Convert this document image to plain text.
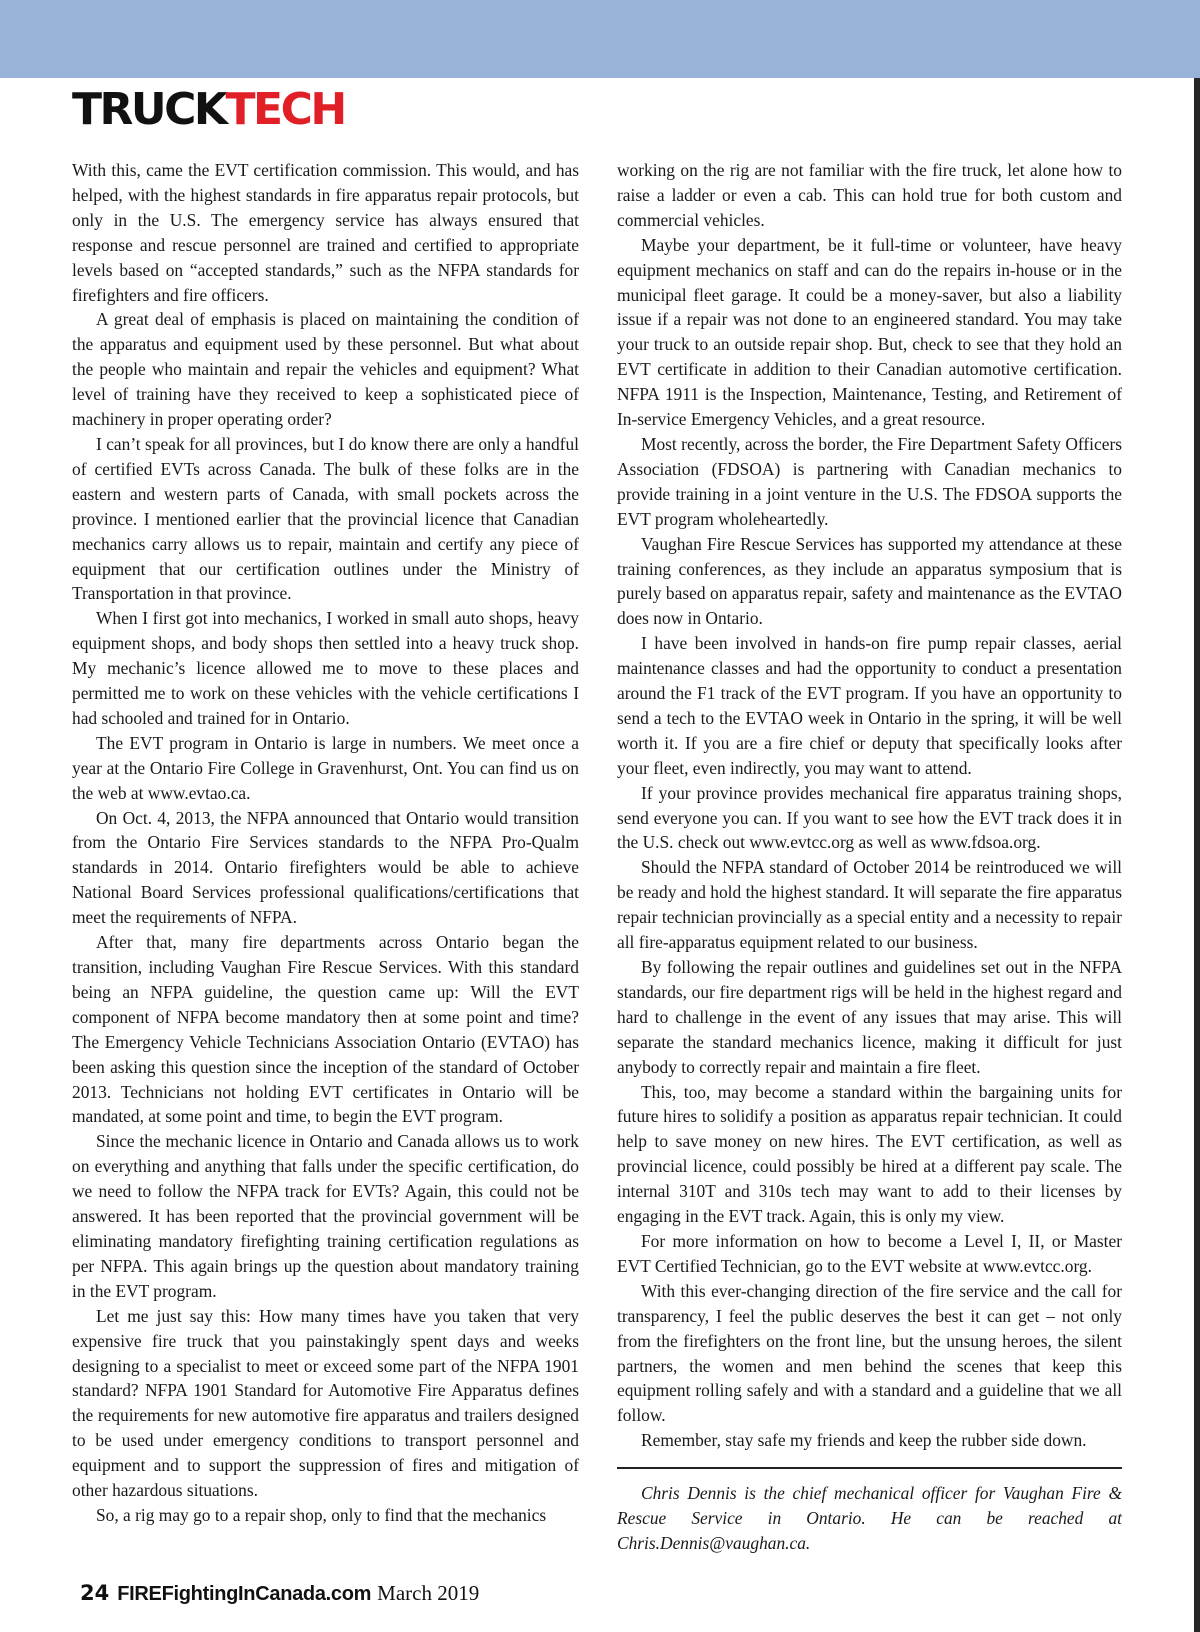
TRUCKTECH

With this, came the EVT certification commission. This would, and has helped, with the highest standards in fire apparatus repair protocols, but only in the U.S. The emergency service has always ensured that response and rescue personnel are trained and certified to appropriate levels based on “accepted standards,” such as the NFPA standards for firefighters and fire officers.

A great deal of emphasis is placed on maintaining the condition of the apparatus and equipment used by these personnel. But what about the people who maintain and repair the vehicles and equipment? What level of training have they received to keep a sophisticated piece of machinery in proper operating order?

I can’t speak for all provinces, but I do know there are only a handful of certified EVTs across Canada. The bulk of these folks are in the eastern and western parts of Canada, with small pockets across the province. I mentioned earlier that the provincial licence that Canadian mechanics carry allows us to repair, maintain and certify any piece of equipment that our certification outlines under the Ministry of Transportation in that province.

When I first got into mechanics, I worked in small auto shops, heavy equipment shops, and body shops then settled into a heavy truck shop. My mechanic’s licence allowed me to move to these places and permitted me to work on these vehicles with the vehicle certifications I had schooled and trained for in Ontario.

The EVT program in Ontario is large in numbers. We meet once a year at the Ontario Fire College in Gravenhurst, Ont. You can find us on the web at www.evtao.ca.

On Oct. 4, 2013, the NFPA announced that Ontario would transition from the Ontario Fire Services standards to the NFPA Pro-Qualm standards in 2014. Ontario firefighters would be able to achieve National Board Services professional qualifications/certifications that meet the requirements of NFPA.

After that, many fire departments across Ontario began the transition, including Vaughan Fire Rescue Services. With this standard being an NFPA guideline, the question came up: Will the EVT component of NFPA become mandatory then at some point and time? The Emergency Vehicle Technicians Association Ontario (EVTAO) has been asking this question since the inception of the standard of October 2013. Technicians not holding EVT certificates in Ontario will be mandated, at some point and time, to begin the EVT program.

Since the mechanic licence in Ontario and Canada allows us to work on everything and anything that falls under the specific certification, do we need to follow the NFPA track for EVTs? Again, this could not be answered. It has been reported that the provincial government will be eliminating mandatory firefighting training certification regulations as per NFPA. This again brings up the question about mandatory training in the EVT program.

Let me just say this: How many times have you taken that very expensive fire truck that you painstakingly spent days and weeks designing to a specialist to meet or exceed some part of the NFPA 1901 standard? NFPA 1901 Standard for Automotive Fire Apparatus defines the requirements for new automotive fire apparatus and trailers designed to be used under emergency conditions to transport personnel and equipment and to support the suppression of fires and mitigation of other hazardous situations.

So, a rig may go to a repair shop, only to find that the mechanics

working on the rig are not familiar with the fire truck, let alone how to raise a ladder or even a cab. This can hold true for both custom and commercial vehicles.

Maybe your department, be it full-time or volunteer, have heavy equipment mechanics on staff and can do the repairs in-house or in the municipal fleet garage. It could be a money-saver, but also a liability issue if a repair was not done to an engineered standard. You may take your truck to an outside repair shop. But, check to see that they hold an EVT certificate in addition to their Canadian automotive certification. NFPA 1911 is the Inspection, Maintenance, Testing, and Retirement of In-service Emergency Vehicles, and a great resource.

Most recently, across the border, the Fire Department Safety Officers Association (FDSOA) is partnering with Canadian mechanics to provide training in a joint venture in the U.S. The FDSOA supports the EVT program wholeheartedly.

Vaughan Fire Rescue Services has supported my attendance at these training conferences, as they include an apparatus symposium that is purely based on apparatus repair, safety and maintenance as the EVTAO does now in Ontario.

I have been involved in hands-on fire pump repair classes, aerial maintenance classes and had the opportunity to conduct a presentation around the F1 track of the EVT program. If you have an opportunity to send a tech to the EVTAO week in Ontario in the spring, it will be well worth it. If you are a fire chief or deputy that specifically looks after your fleet, even indirectly, you may want to attend.

If your province provides mechanical fire apparatus training shops, send everyone you can. If you want to see how the EVT track does it in the U.S. check out www.evtcc.org as well as www.fdsoa.org.

Should the NFPA standard of October 2014 be reintroduced we will be ready and hold the highest standard. It will separate the fire apparatus repair technician provincially as a special entity and a necessity to repair all fire-apparatus equipment related to our business.

By following the repair outlines and guidelines set out in the NFPA standards, our fire department rigs will be held in the highest regard and hard to challenge in the event of any issues that may arise. This will separate the standard mechanics licence, making it difficult for just anybody to correctly repair and maintain a fire fleet.

This, too, may become a standard within the bargaining units for future hires to solidify a position as apparatus repair technician. It could help to save money on new hires. The EVT certification, as well as provincial licence, could possibly be hired at a different pay scale. The internal 310T and 310s tech may want to add to their licenses by engaging in the EVT track. Again, this is only my view.

For more information on how to become a Level I, II, or Master EVT Certified Technician, go to the EVT website at www.evtcc.org.

With this ever-changing direction of the fire service and the call for transparency, I feel the public deserves the best it can get – not only from the firefighters on the front line, but the unsung heroes, the silent partners, the women and men behind the scenes that keep this equipment rolling safely and with a standard and a guideline that we all follow.

Remember, stay safe my friends and keep the rubber side down.

Chris Dennis is the chief mechanical officer for Vaughan Fire & Rescue Service in Ontario. He can be reached at Chris.Dennis@vaughan.ca.

24 FIREFightingInCanada.com March 2019
